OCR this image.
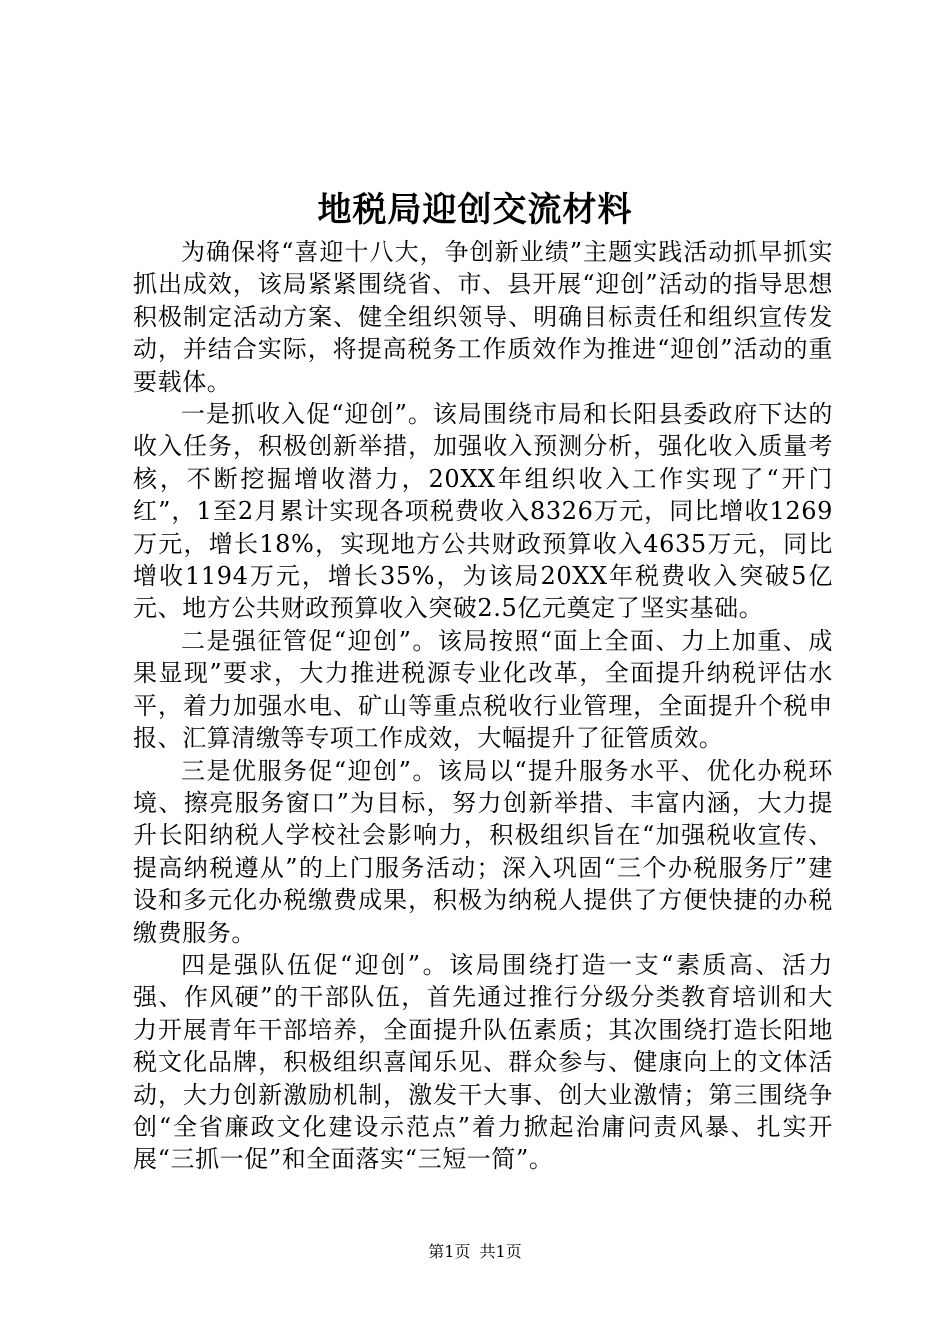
地税局迎创交流材料

为确保将“喜迎十八大，争创新业绩”主题实践活动抓早抓实抓出成效，该局紧紧围绕省、市、县开展“迎创”活动的指导思想积极制定活动方案、健全组织领导、明确目标责任和组织宣传发动，并结合实际，将提高税务工作质效作为推进“迎创”活动的重要载体。

一是抓收入促“迎创”。该局围绕市局和长阳县委政府下达的收入任务，积极创新举措，加强收入预测分析，强化收入质量考核，不断挖掘增收潜力，20XX年组织收入工作实现了“开门红”，1至2月累计实现各项税费收入8326万元，同比增收1269万元，增长18%，实现地方公共财政预算收入4635万元，同比增收1194万元，增长35%，为该局20XX年税费收入突破5亿元、地方公共财政预算收入突破2.5亿元奠定了坚实基础。

二是强征管促“迎创”。该局按照“面上全面、力上加重、成果显现”要求，大力推进税源专业化改革，全面提升纳税评估水平，着力加强水电、矿山等重点税收行业管理，全面提升个税申报、汇算清缴等专项工作成效，大幅提升了征管质效。

三是优服务促“迎创”。该局以“提升服务水平、优化办税环境、擦亮服务窗口”为目标，努力创新举措、丰富内涵，大力提升长阳纳税人学校社会影响力，积极组织旨在“加强税收宣传、提高纳税遵从”的上门服务活动；深入巩固“三个办税服务厅”建设和多元化办税缴费成果，积极为纳税人提供了方便快捷的办税缴费服务。

四是强队伍促“迎创”。该局围绕打造一支“素质高、活力强、作风硬”的干部队伍，首先通过推行分级分类教育培训和大力开展青年干部培养，全面提升队伍素质；其次围绕打造长阳地税文化品牌，积极组织喜闻乐见、群众参与、健康向上的文体活动，大力创新激励机制，激发干大事、创大业激情；第三围绕争创“全省廉政文化建设示范点”着力掀起治庸问责风暴、扎实开展“三抓一促”和全面落实“三短一简”。

第1页 共1页
